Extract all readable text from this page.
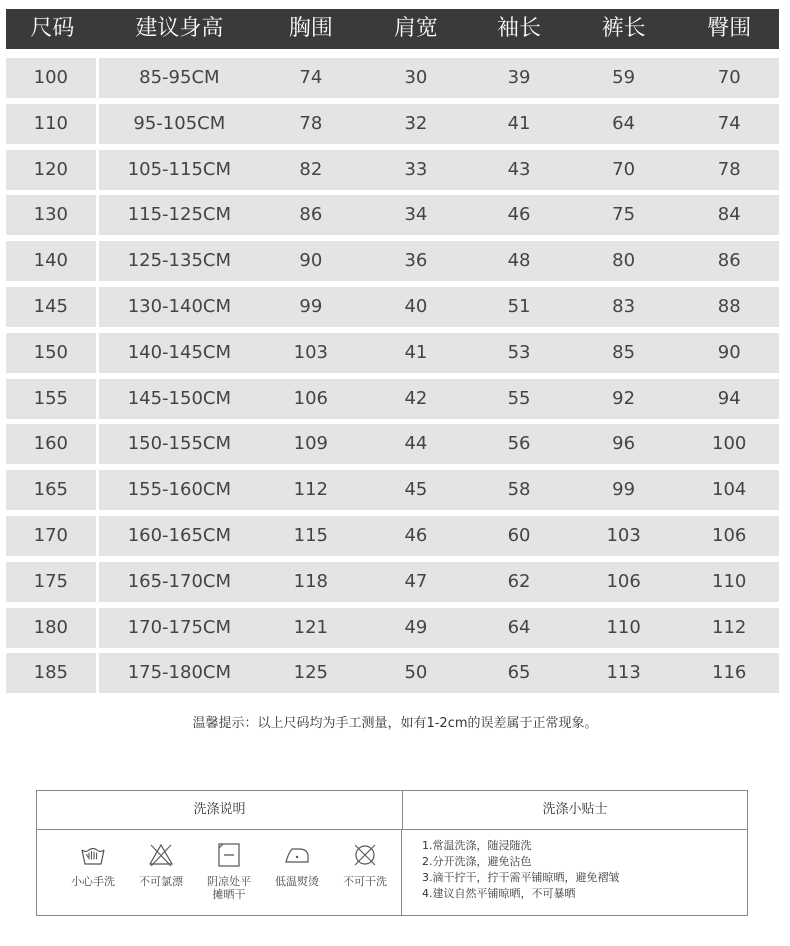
尺码	建议身高	胸围	肩宽	袖长	裤长	臀围
100	85-95CM	74	30	39	59	70
110	95-105CM	78	32	41	64	74
120	105-115CM	82	33	43	70	78
130	115-125CM	86	34	46	75	84
140	125-135CM	90	36	48	80	86
145	130-140CM	99	40	51	83	88
150	140-145CM	103	41	53	85	90
155	145-150CM	106	42	55	92	94
160	150-155CM	109	44	56	96	100
165	155-160CM	112	45	58	99	104
170	160-165CM	115	46	60	103	106
175	165-170CM	118	47	62	106	110
180	170-175CM	121	49	64	110	112
185	175-180CM	125	50	65	113	116
温馨提示：以上尺码均为手工测量，如有1-2cm的误差属于正常现象。
洗涤说明	洗涤小贴士
小心手洗 不可氯漂 阴凉处平
摊晒干
低温熨烫 不可干洗
1.常温洗涤，随浸随洗
2.分开洗涤，避免沾色
3.滴干拧干，拧干需平铺晾晒，避免褶皱
4.建议自然平铺晾晒，不可暴晒
